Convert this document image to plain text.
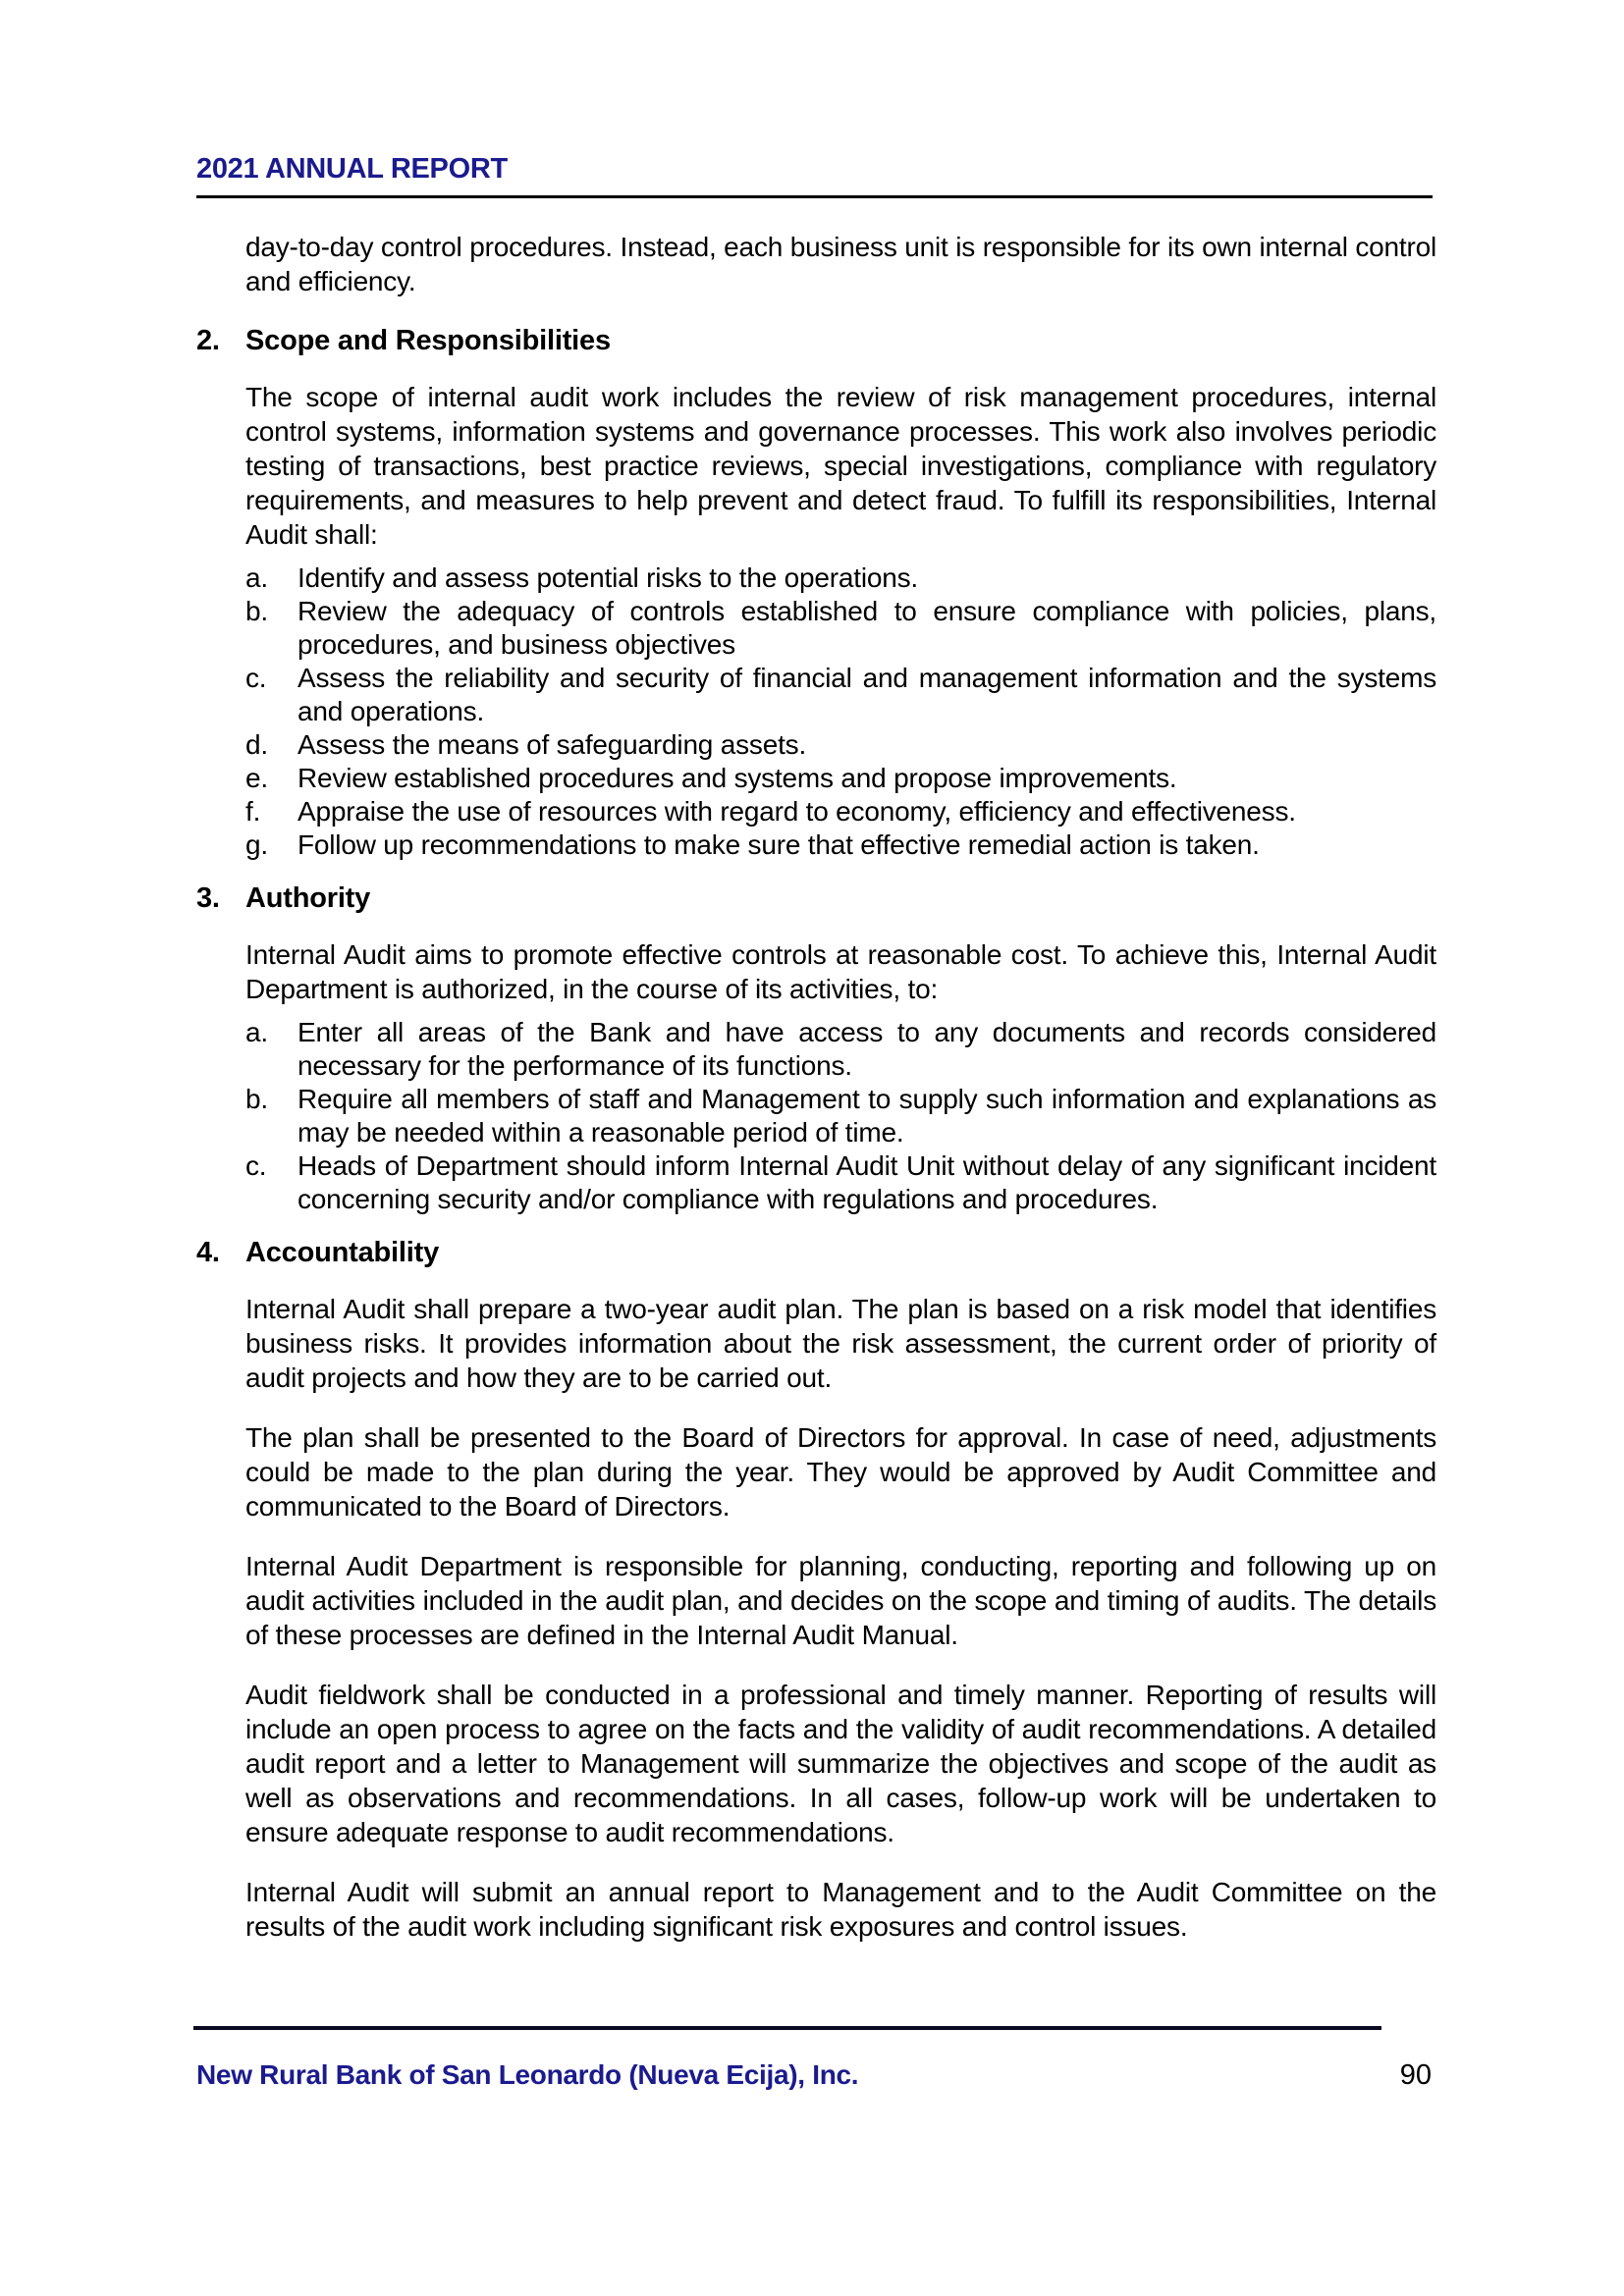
2021 ANNUAL REPORT

day-to-day control procedures. Instead, each business unit is responsible for its own internal control and efficiency.

2. Scope and Responsibilities

The scope of internal audit work includes the review of risk management procedures, internal control systems, information systems and governance processes. This work also involves periodic testing of transactions, best practice reviews, special investigations, compliance with regulatory requirements, and measures to help prevent and detect fraud. To fulfill its responsibilities, Internal Audit shall:

a.	Identify and assess potential risks to the operations.
b.	Review the adequacy of controls established to ensure compliance with policies, plans, procedures, and business objectives
c.	Assess the reliability and security of financial and management information and the systems and operations.
d.	Assess the means of safeguarding assets.
e.	Review established procedures and systems and propose improvements.
f.	Appraise the use of resources with regard to economy, efficiency and effectiveness.
g.	Follow up recommendations to make sure that effective remedial action is taken.
3. Authority

Internal Audit aims to promote effective controls at reasonable cost. To achieve this, Internal Audit Department is authorized, in the course of its activities, to:

a.	Enter all areas of the Bank and have access to any documents and records considered necessary for the performance of its functions.
b.	Require all members of staff and Management to supply such information and explanations as may be needed within a reasonable period of time.
c.	Heads of Department should inform Internal Audit Unit without delay of any significant incident concerning security and/or compliance with regulations and procedures.
4. Accountability

Internal Audit shall prepare a two-year audit plan. The plan is based on a risk model that identifies business risks. It provides information about the risk assessment, the current order of priority of audit projects and how they are to be carried out.

The plan shall be presented to the Board of Directors for approval. In case of need, adjustments could be made to the plan during the year. They would be approved by Audit Committee and communicated to the Board of Directors.

Internal Audit Department is responsible for planning, conducting, reporting and following up on audit activities included in the audit plan, and decides on the scope and timing of audits. The details of these processes are defined in the Internal Audit Manual.

Audit fieldwork shall be conducted in a professional and timely manner. Reporting of results will include an open process to agree on the facts and the validity of audit recommendations. A detailed audit report and a letter to Management will summarize the objectives and scope of the audit as well as observations and recommendations. In all cases, follow-up work will be undertaken to ensure adequate response to audit recommendations.

Internal Audit will submit an annual report to Management and to the Audit Committee on the results of the audit work including significant risk exposures and control issues.

New Rural Bank of San Leonardo (Nueva Ecija), Inc.	90
